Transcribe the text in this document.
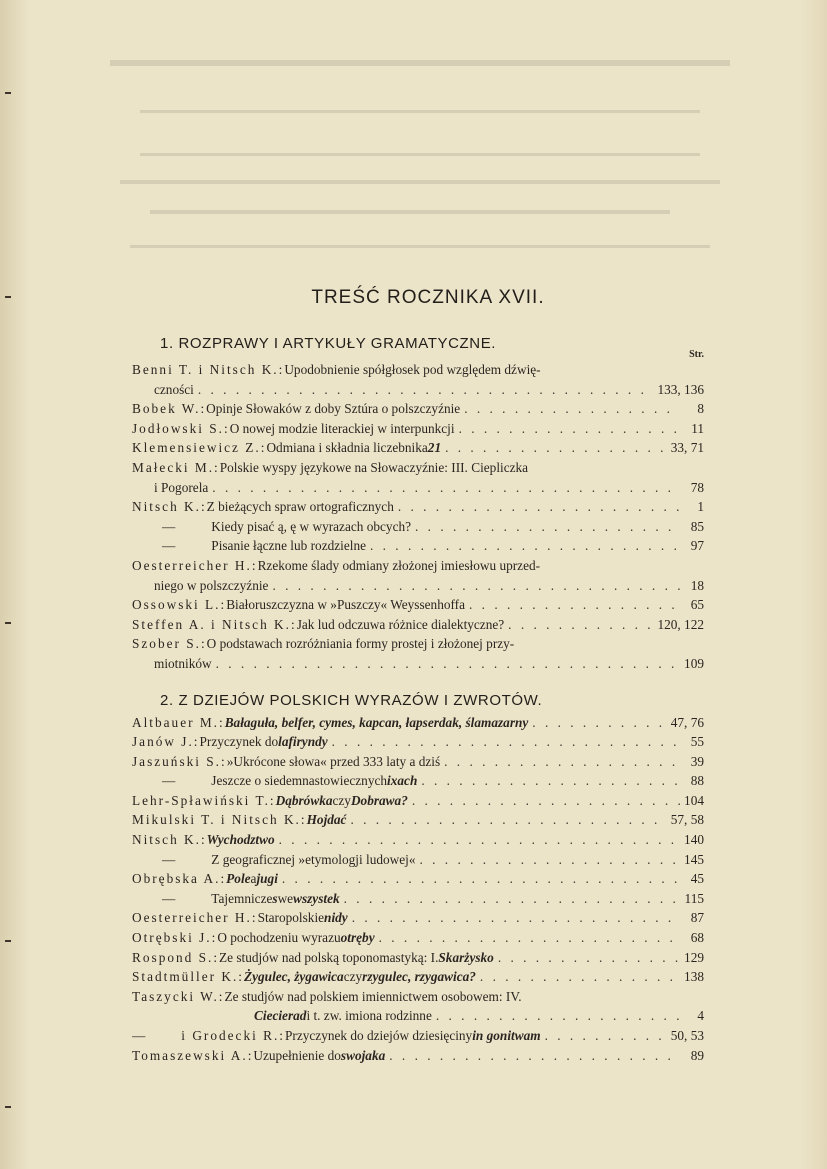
TREŚĆ ROCZNIKA XVII.
1. ROZPRAWY I ARTYKUŁY GRAMATYCZNE.
Str.
Benni T. i Nitsch K.: Upodobnienie spółgłosek pod względem dźwię-
czności . . .	133, 136
Bobek W.: Opinje Słowaków z doby Sztúra o polszczyźnie . . .	8
Jodłowski S.: O nowej modzie literackiej w interpunkcji . . .	11
Klemensiewicz Z.: Odmiana i składnia liczebnika 21 . . .	33, 71
Małecki M.: Polskie wyspy językowe na Słowaczyźnie: III. Ciepliczka
i Pogorela . . .	78
Nitsch K.: Z bieżących spraw ortograficznych . . .	1
—	Kiedy pisać ą, ę w wyrazach obcych? . . .	85
—	Pisanie łączne lub rozdzielne . . .	97
Oesterreicher H.: Rzekome ślady odmiany złożonej imiesłowu uprzed-
niego w polszczyźnie . . .	18
Ossowski L.: Białoruszczyzna w »Puszczy« Weyssenhoffa . . .	65
Steffen A. i Nitsch K.: Jak lud odczuwa różnice dialektyczne? . . .	120, 122
Szober S.: O podstawach rozróżniania formy prostej i złożonej przy-
miotników . . .	109
2. Z DZIEJÓW POLSKICH WYRAZÓW I ZWROTÓW.
Altbauer M.: Bałaguła, belfer, cymes, kapcan, łapserdak, ślamazarny . . .	47, 76
Janów J.: Przyczynek do lafiryndy . . .	55
Jaszuński S.: »Ukrócone słowa« przed 333 laty a dziś . . .	39
—	Jeszcze o siedemnastowiecznych ixach . . .	88
Lehr-Spławiński T.: Dąbrówka czy Dobrawa? . . .	104
Mikulski T. i Nitsch K.: Hojdać . . .	57, 58
Nitsch K.: Wychodztwo . . .	140
—	Z geograficznej »etymologji ludowej« . . .	145
Obrębska A.: Pole a jugi . . .	45
—	Tajemnicze s we wszystek . . .	115
Oesterreicher H.: Staropolskie nidy . . .	87
Otrębski J.: O pochodzeniu wyrazu otręby . . .	68
Rospond S.: Ze studjów nad polską toponomastyką: I. Skarżysko . . .	129
Stadtmüller K.: Żygulec, żygawica czy rzygulec, rzygawica? . . .	138
Taszycki W.: Ze studjów nad polskiem imiennictwem osobowem: IV.
Ciecierad i t. zw. imiona rodzinne . . .	4
—	i Grodecki R.: Przyczynek do dziejów dziesięciny in gonitwam . . .	50, 53
Tomaszewski A.: Uzupełnienie do swojaka . . .	89
